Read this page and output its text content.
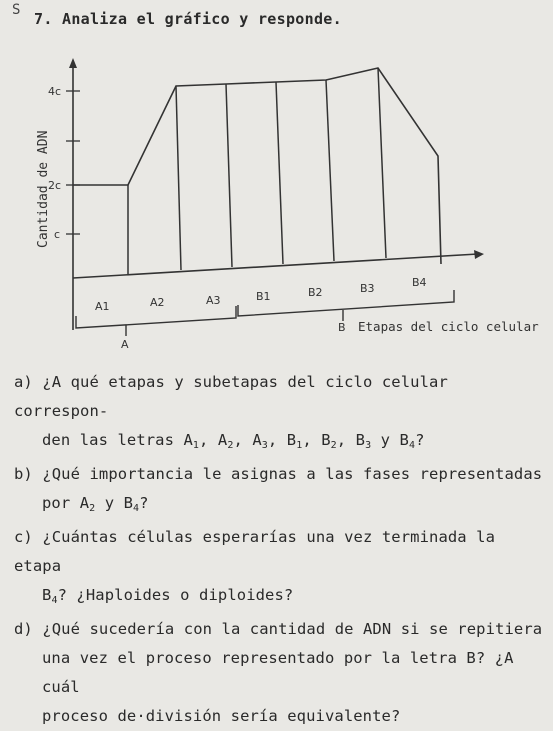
S 7. Analiza el gráfico y responde.
4c
2c
c
Cantidad de ADN
A1	A2	A3	B1	B2	B3	B4
A
B Etapas del ciclo celular

a) ¿A qué etapas y subetapas del ciclo celular correspon-
den las letras $A_1$, $A_2$, $A_3$, $B_1$, $B_2$, $B_3$ y $B_4$?

b) ¿Qué importancia le asignas a las fases representadas
por $A_2$ y $B_4$?

c) ¿Cuántas células esperarías una vez terminada la etapa
$B_4$? ¿Haploides o diploides?

d) ¿Qué sucedería con la cantidad de ADN si se repitiera
una vez el proceso representado por la letra B? ¿A cuál
proceso de·división sería equivalente?
